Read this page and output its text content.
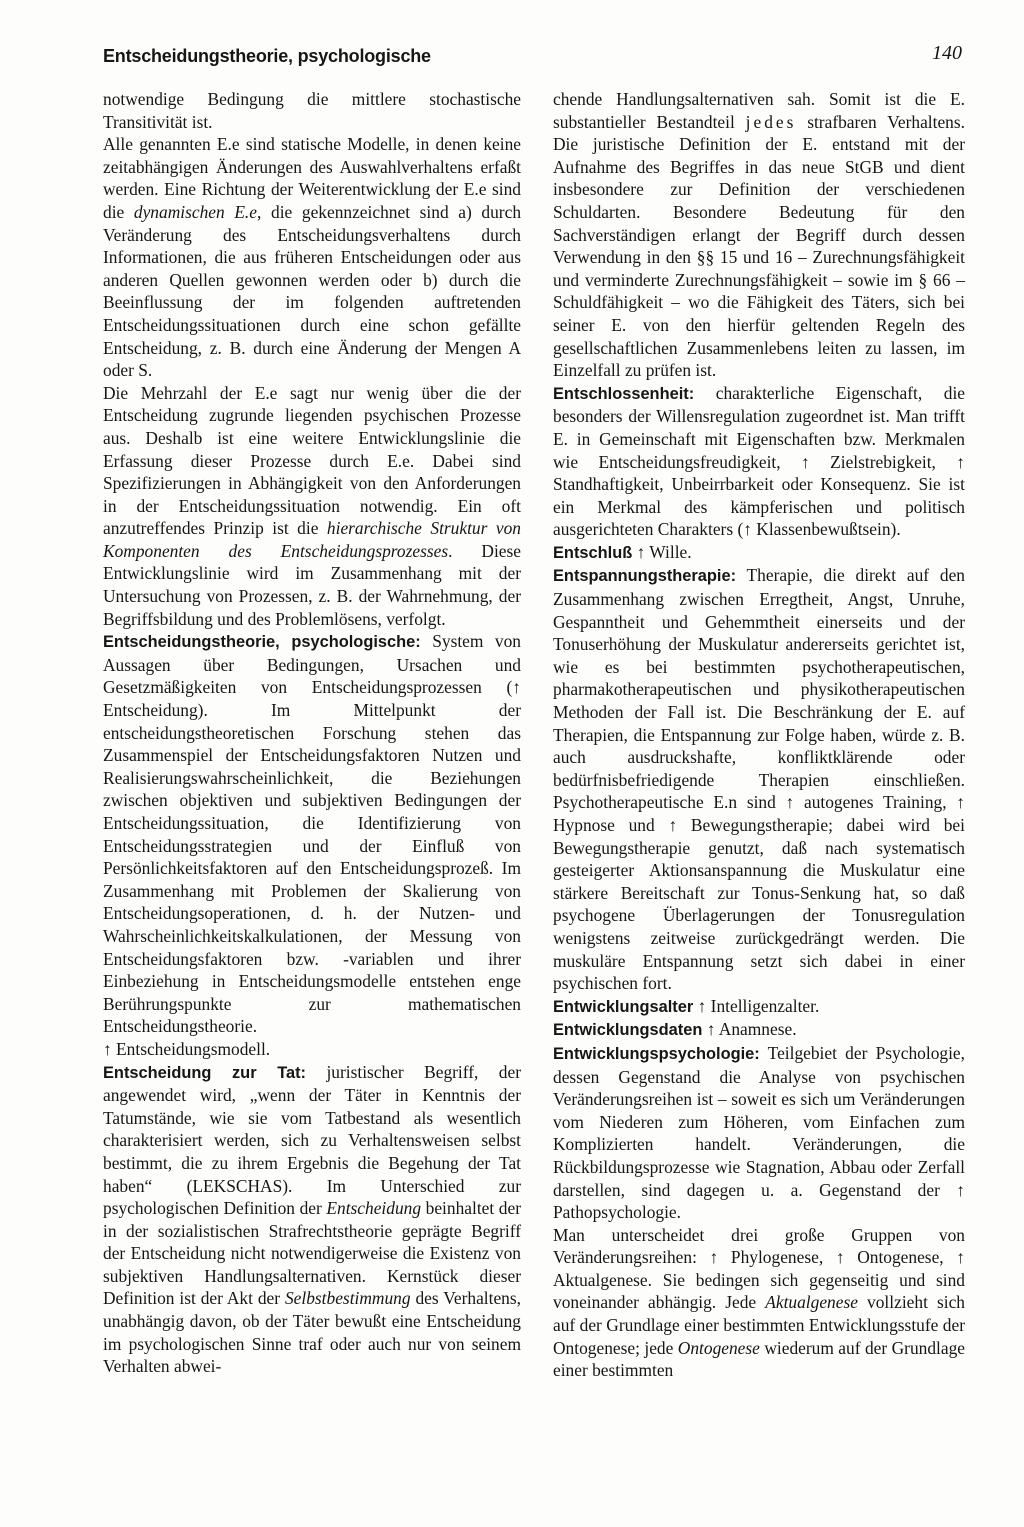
Entscheidungstheorie, psychologische	140

notwendige Bedingung die mittlere stochastische Transitivität ist.

Alle genannten E.e sind statische Modelle, in denen keine zeitabhängigen Änderungen des Auswahlverhaltens erfaßt werden. Eine Richtung der Weiterentwicklung der E.e sind die dynamischen E.e, die gekennzeichnet sind a) durch Veränderung des Entscheidungsverhaltens durch Informationen, die aus früheren Entscheidungen oder aus anderen Quellen gewonnen werden oder b) durch die Beeinflussung der im folgenden auftretenden Entscheidungssituationen durch eine schon gefällte Entscheidung, z. B. durch eine Änderung der Mengen A oder S.

Die Mehrzahl der E.e sagt nur wenig über die der Entscheidung zugrunde liegenden psychischen Prozesse aus. Deshalb ist eine weitere Entwicklungslinie die Erfassung dieser Prozesse durch E.e. Dabei sind Spezifizierungen in Abhängigkeit von den Anforderungen in der Entscheidungssituation notwendig. Ein oft anzutreffendes Prinzip ist die hierarchische Struktur von Komponenten des Entscheidungsprozesses. Diese Entwicklungslinie wird im Zusammenhang mit der Untersuchung von Prozessen, z. B. der Wahrnehmung, der Begriffsbildung und des Problemlösens, verfolgt.

Entscheidungstheorie, psychologische: System von Aussagen über Bedingungen, Ursachen und Gesetzmäßigkeiten von Entscheidungsprozessen (↑ Entscheidung). Im Mittelpunkt der entscheidungstheoretischen Forschung stehen das Zusammenspiel der Entscheidungsfaktoren Nutzen und Realisierungswahrscheinlichkeit, die Beziehungen zwischen objektiven und subjektiven Bedingungen der Entscheidungssituation, die Identifizierung von Entscheidungsstrategien und der Einfluß von Persönlichkeitsfaktoren auf den Entscheidungsprozeß. Im Zusammenhang mit Problemen der Skalierung von Entscheidungsoperationen, d. h. der Nutzen- und Wahrscheinlichkeitskalkulationen, der Messung von Entscheidungsfaktoren bzw. -variablen und ihrer Einbeziehung in Entscheidungsmodelle entstehen enge Berührungspunkte zur mathematischen Entscheidungstheorie.

↑ Entscheidungsmodell.

Entscheidung zur Tat: juristischer Begriff, der angewendet wird, „wenn der Täter in Kenntnis der Tatumstände, wie sie vom Tatbestand als wesentlich charakterisiert werden, sich zu Verhaltensweisen selbst bestimmt, die zu ihrem Ergebnis die Begehung der Tat haben“ (LEKSCHAS). Im Unterschied zur psychologischen Definition der Entscheidung beinhaltet der in der sozialistischen Strafrechtstheorie geprägte Begriff der Entscheidung nicht notwendigerweise die Existenz von subjektiven Handlungsalternativen. Kernstück dieser Definition ist der Akt der Selbstbestimmung des Verhaltens, unabhängig davon, ob der Täter bewußt eine Entscheidung im psychologischen Sinne traf oder auch nur von seinem Verhalten abwei-

chende Handlungsalternativen sah. Somit ist die E. substantieller Bestandteil jedes strafbaren Verhaltens. Die juristische Definition der E. entstand mit der Aufnahme des Begriffes in das neue StGB und dient insbesondere zur Definition der verschiedenen Schuldarten. Besondere Bedeutung für den Sachverständigen erlangt der Begriff durch dessen Verwendung in den §§ 15 und 16 – Zurechnungsfähigkeit und verminderte Zurechnungsfähigkeit – sowie im § 66 – Schuldfähigkeit – wo die Fähigkeit des Täters, sich bei seiner E. von den hierfür geltenden Regeln des gesellschaftlichen Zusammenlebens leiten zu lassen, im Einzelfall zu prüfen ist.

Entschlossenheit: charakterliche Eigenschaft, die besonders der Willensregulation zugeordnet ist. Man trifft E. in Gemeinschaft mit Eigenschaften bzw. Merkmalen wie Entscheidungsfreudigkeit, ↑ Zielstrebigkeit, ↑ Standhaftigkeit, Unbeirrbarkeit oder Konsequenz. Sie ist ein Merkmal des kämpferischen und politisch ausgerichteten Charakters (↑ Klassenbewußtsein).

Entschluß ↑ Wille.

Entspannungstherapie: Therapie, die direkt auf den Zusammenhang zwischen Erregtheit, Angst, Unruhe, Gespanntheit und Gehemmtheit einerseits und der Tonuserhöhung der Muskulatur andererseits gerichtet ist, wie es bei bestimmten psychotherapeutischen, pharmakotherapeutischen und physikotherapeutischen Methoden der Fall ist. Die Beschränkung der E. auf Therapien, die Entspannung zur Folge haben, würde z. B. auch ausdruckshafte, konfliktklärende oder bedürfnisbefriedigende Therapien einschließen. Psychotherapeutische E.n sind ↑ autogenes Training, ↑ Hypnose und ↑ Bewegungstherapie; dabei wird bei Bewegungstherapie genutzt, daß nach systematisch gesteigerter Aktionsanspannung die Muskulatur eine stärkere Bereitschaft zur Tonus-Senkung hat, so daß psychogene Überlagerungen der Tonusregulation wenigstens zeitweise zurückgedrängt werden. Die muskuläre Entspannung setzt sich dabei in einer psychischen fort.

Entwicklungsalter ↑ Intelligenzalter.

Entwicklungsdaten ↑ Anamnese.

Entwicklungspsychologie: Teilgebiet der Psychologie, dessen Gegenstand die Analyse von psychischen Veränderungsreihen ist – soweit es sich um Veränderungen vom Niederen zum Höheren, vom Einfachen zum Komplizierten handelt. Veränderungen, die Rückbildungsprozesse wie Stagnation, Abbau oder Zerfall darstellen, sind dagegen u. a. Gegenstand der ↑ Pathopsychologie.

Man unterscheidet drei große Gruppen von Veränderungsreihen: ↑ Phylogenese, ↑ Ontogenese, ↑ Aktualgenese. Sie bedingen sich gegenseitig und sind voneinander abhängig. Jede Aktualgenese vollzieht sich auf der Grundlage einer bestimmten Entwicklungsstufe der Ontogenese; jede Ontogenese wiederum auf der Grundlage einer bestimmten
